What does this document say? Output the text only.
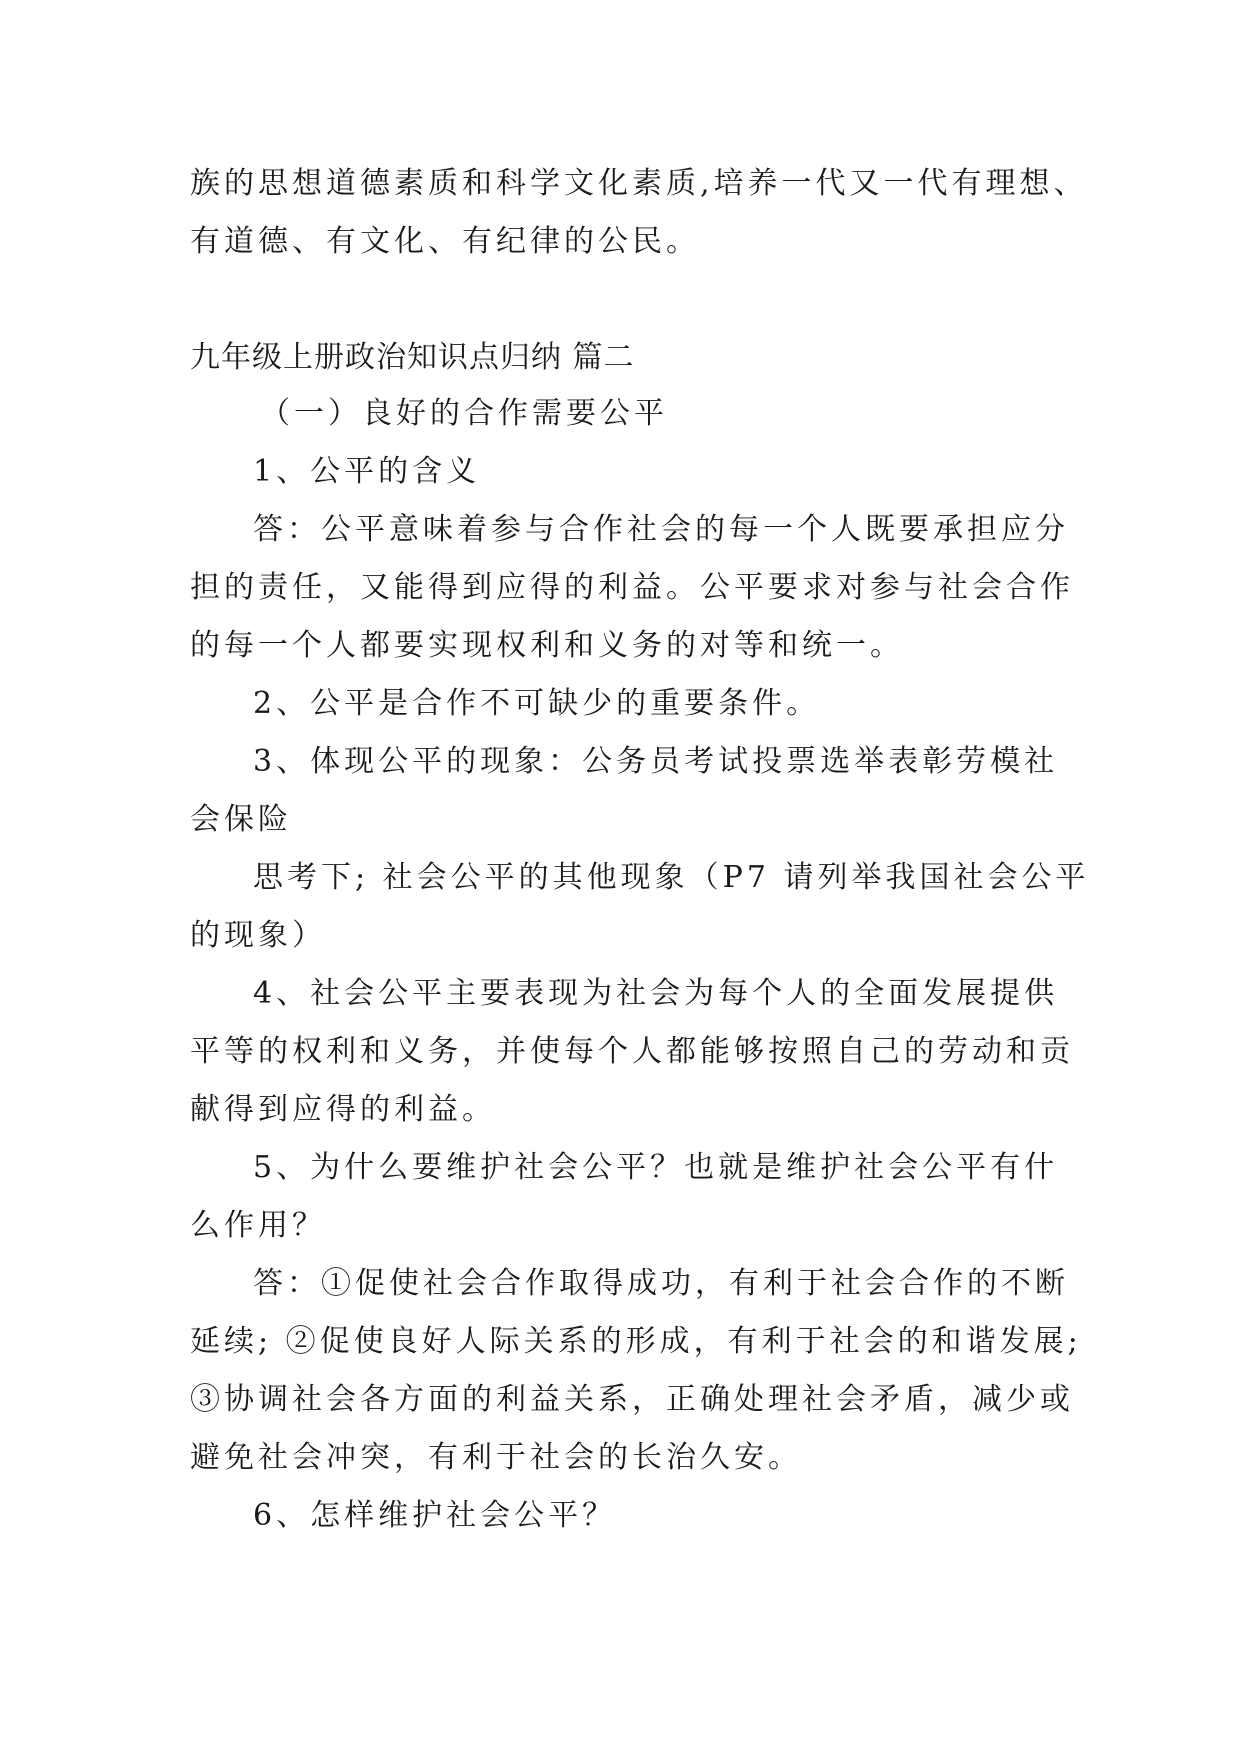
族的思想道德素质和科学文化素质,培养一代又一代有理想、
有道德、有文化、有纪律的公民。
九年级上册政治知识点归纳 篇二
（一）良好的合作需要公平
1、公平的含义
答：公平意味着参与合作社会的每一个人既要承担应分
担的责任，又能得到应得的利益。公平要求对参与社会合作
的每一个人都要实现权利和义务的对等和统一。
2、公平是合作不可缺少的重要条件。
3、体现公平的现象：公务员考试投票选举表彰劳模社
会保险
思考下; 社会公平的其他现象（P7 请列举我国社会公平
的现象）
4、社会公平主要表现为社会为每个人的全面发展提供
平等的权利和义务，并使每个人都能够按照自己的劳动和贡
献得到应得的利益。
5、为什么要维护社会公平？也就是维护社会公平有什
么作用？
答：①促使社会合作取得成功，有利于社会合作的不断
延续; ②促使良好人际关系的形成，有利于社会的和谐发展;
③协调社会各方面的利益关系，正确处理社会矛盾，减少或
避免社会冲突，有利于社会的长治久安。
6、怎样维护社会公平？
